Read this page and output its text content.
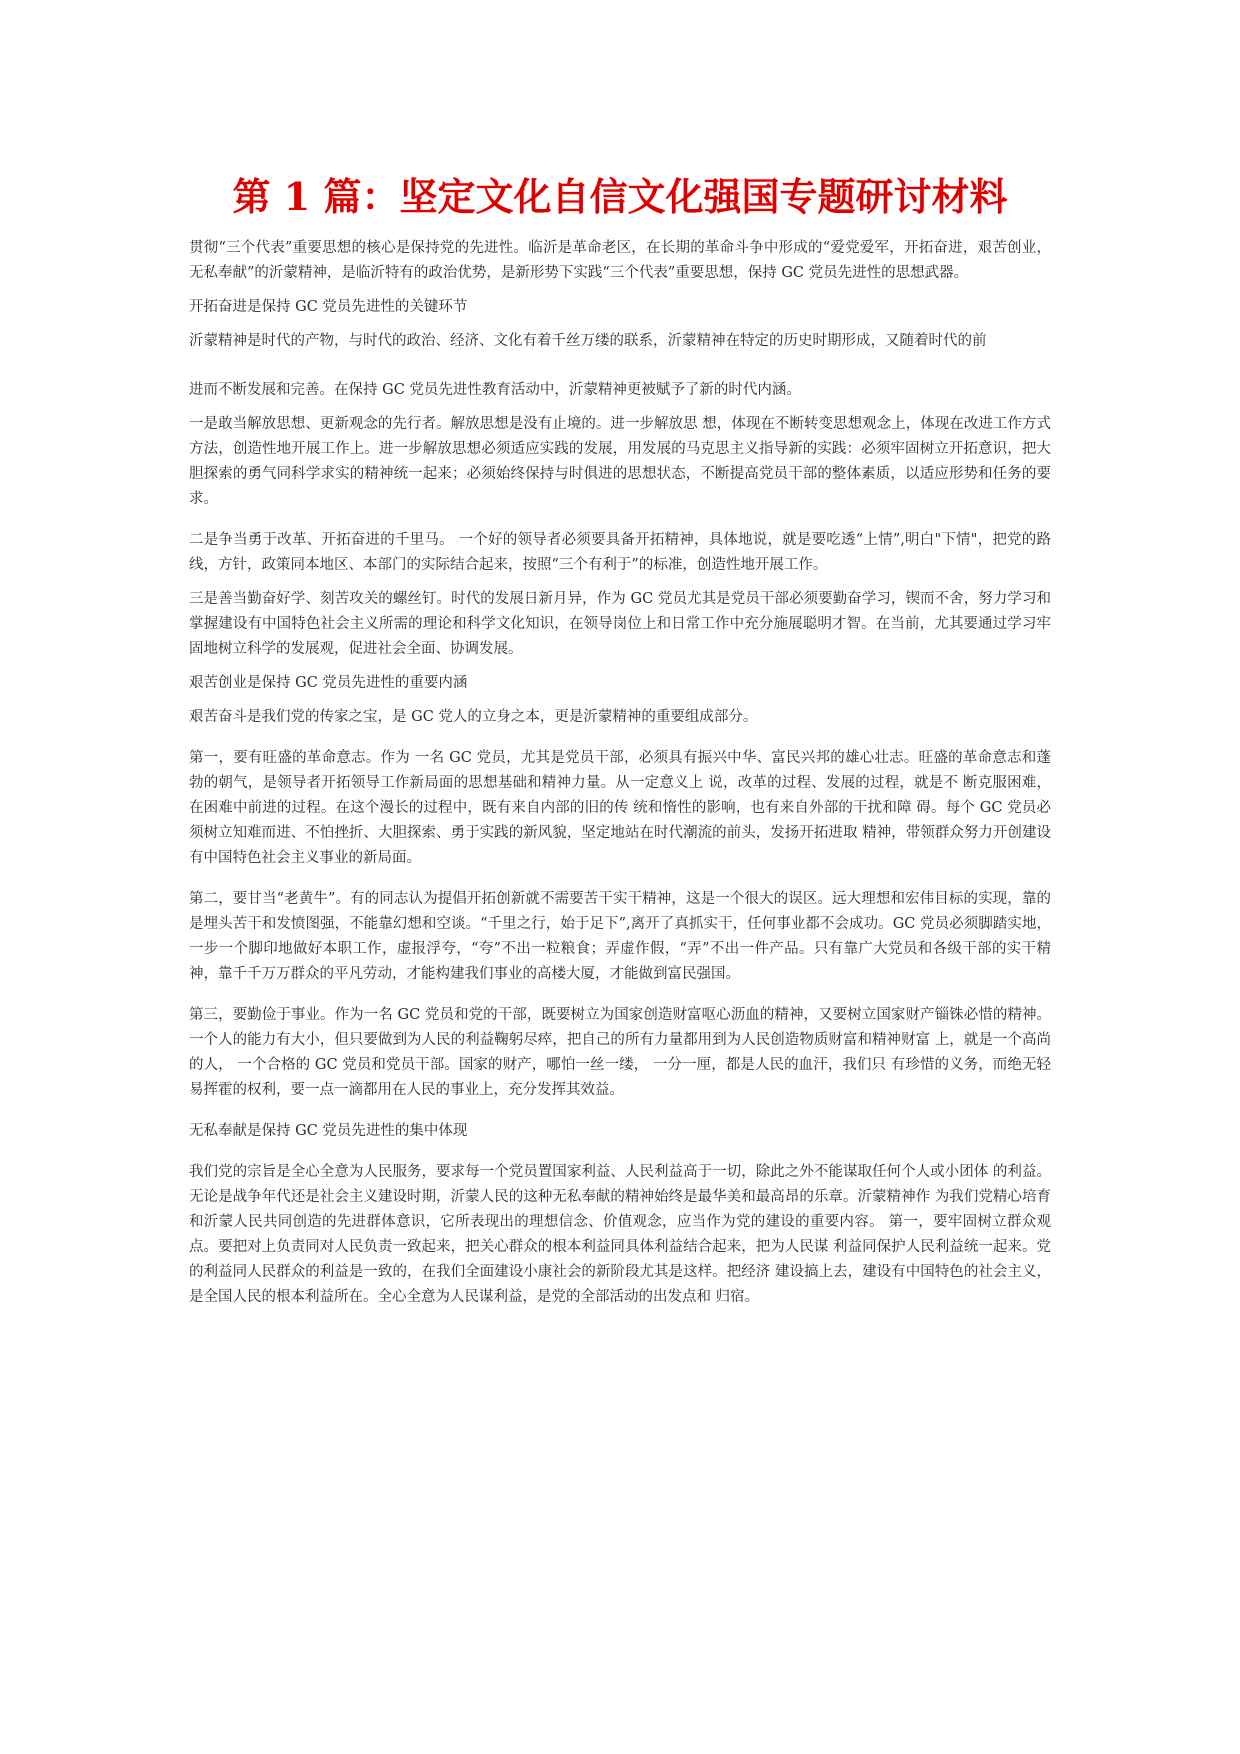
第 1 篇：坚定文化自信文化强国专题研讨材料

贯彻“三个代表”重要思想的核心是保持党的先进性。临沂是革命老区，在长期的革命斗争中形成的“爱党爱军，开拓奋进，艰苦创业，无私奉献”的沂蒙精神，是临沂特有的政治优势，是新形势下实践“三个代表”重要思想，保持 GC 党员先进性的思想武器。

开拓奋进是保持 GC 党员先进性的关键环节

沂蒙精神是时代的产物，与时代的政治、经济、文化有着千丝万缕的联系，沂蒙精神在特定的历史时期形成，又随着时代的前

进而不断发展和完善。在保持 GC 党员先进性教育活动中，沂蒙精神更被赋予了新的时代内涵。

一是敢当解放思想、更新观念的先行者。解放思想是没有止境的。进一步解放思 想，体现在不断转变思想观念上，体现在改进工作方式方法，创造性地开展工作上。进一步解放思想必须适应实践的发展，用发展的马克思主义指导新的实践：必须牢固树立开拓意识，把大胆探索的勇气同科学求实的精神统一起来；必须始终保持与时俱进的思想状态，不断提高党员干部的整体素质，以适应形势和任务的要求。

二是争当勇于改革、开拓奋进的千里马。 一个好的领导者必须要具备开拓精神，具体地说，就是要吃透“上情”,明白"下情"，把党的路线，方针，政策同本地区、本部门的实际结合起来，按照“三个有利于”的标准，创造性地开展工作。

三是善当勤奋好学、刻苦攻关的螺丝钉。时代的发展日新月异，作为 GC 党员尤其是党员干部必须要勤奋学习，锲而不舍，努力学习和掌握建设有中国特色社会主义所需的理论和科学文化知识，在领导岗位上和日常工作中充分施展聪明才智。在当前，尤其要通过学习牢固地树立科学的发展观，促进社会全面、协调发展。

艰苦创业是保持 GC 党员先进性的重要内涵

艰苦奋斗是我们党的传家之宝，是 GC 党人的立身之本，更是沂蒙精神的重要组成部分。

第一，要有旺盛的革命意志。作为 一名 GC 党员，尤其是党员干部，必须具有振兴中华、富民兴邦的雄心壮志。旺盛的革命意志和蓬勃的朝气，是领导者开拓领导工作新局面的思想基础和精神力量。从一定意义上 说，改革的过程、发展的过程，就是不 断克服困难，在困难中前进的过程。在这个漫长的过程中，既有来自内部的旧的传 统和惰性的影响，也有来自外部的干扰和障 碍。每个 GC 党员必须树立知难而进、不怕挫折、大胆探索、勇于实践的新风貌，坚定地站在时代潮流的前头，发扬开拓进取 精神，带领群众努力开创建设有中国特色社会主义事业的新局面。

第二，要甘当“老黄牛”。有的同志认为提倡开拓创新就不需要苦干实干精神，这是一个很大的误区。远大理想和宏伟目标的实现，靠的是埋头苦干和发愤图强，不能靠幻想和空谈。“千里之行，始于足下”,离开了真抓实干，任何事业都不会成功。GC 党员必须脚踏实地， 一步一个脚印地做好本职工作，虚报浮夸，“夸”不出一粒粮食；弄虚作假，“弄”不出一件产品。只有靠广大党员和各级干部的实干精神，靠千千万万群众的平凡劳动，才能构建我们事业的高楼大厦，才能做到富民强国。

第三，要勤俭于事业。作为一名 GC 党员和党的干部，既要树立为国家创造财富呕心沥血的精神，又要树立国家财产锱铢必惜的精神。 一个人的能力有大小，但只要做到为人民的利益鞠躬尽瘁，把自己的所有力量都用到为人民创造物质财富和精神财富 上，就是一个高尚的人， 一个合格的 GC 党员和党员干部。国家的财产，哪怕一丝一缕， 一分一厘，都是人民的血汗，我们只 有珍惜的义务，而绝无轻易挥霍的权利，要一点一滴都用在人民的事业上，充分发挥其效益。

无私奉献是保持 GC 党员先进性的集中体现

我们党的宗旨是全心全意为人民服务，要求每一个党员置国家利益、人民利益高于一切，除此之外不能谋取任何个人或小团体 的利益。无论是战争年代还是社会主义建设时期，沂蒙人民的这种无私奉献的精神始终是最华美和最高昂的乐章。沂蒙精神作 为我们党精心培育和沂蒙人民共同创造的先进群体意识，它所表现出的理想信念、价值观念，应当作为党的建设的重要内容。 第一，要牢固树立群众观点。要把对上负责同对人民负责一致起来，把关心群众的根本利益同具体利益结合起来，把为人民谋 利益同保护人民利益统一起来。党的利益同人民群众的利益是一致的，在我们全面建设小康社会的新阶段尤其是这样。把经济 建设搞上去，建设有中国特色的社会主义，是全国人民的根本利益所在。全心全意为人民谋利益，是党的全部活动的出发点和 归宿。
